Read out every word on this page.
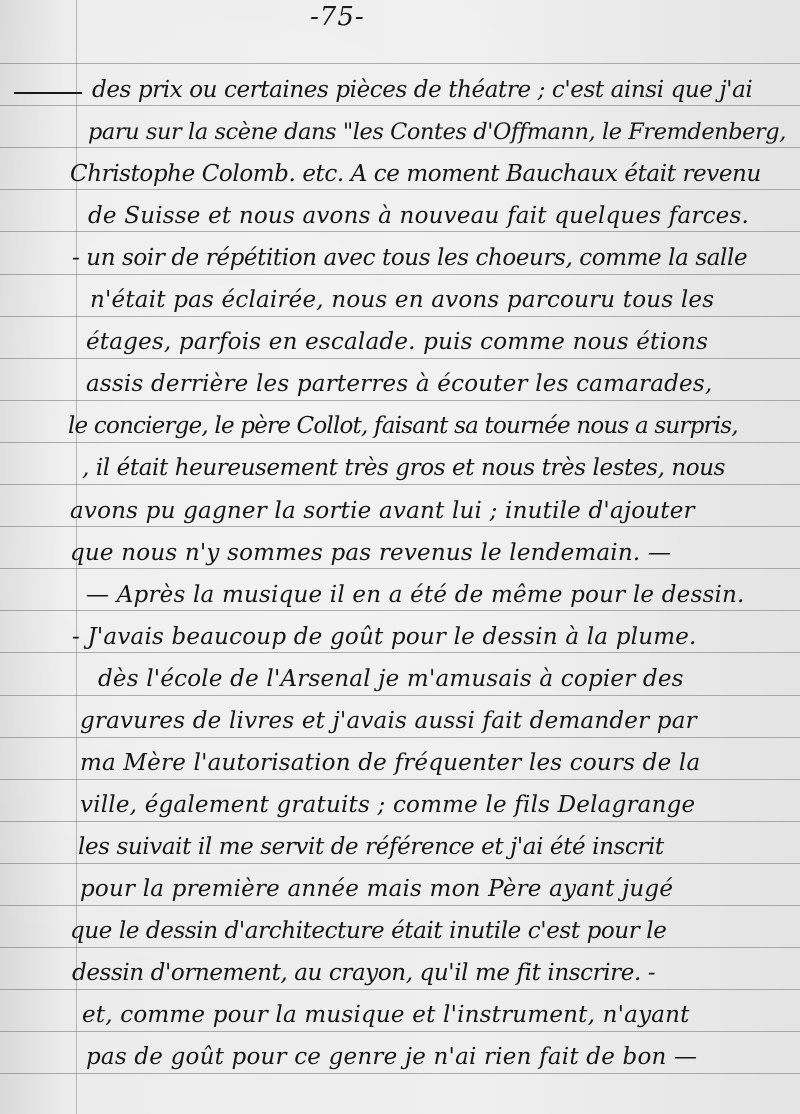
-75-
des prix ou certaines pièces de théatre ; c'est ainsi que j'ai
paru sur la scène dans "les Contes d'Offmann, le Fremdenberg,
Christophe Colomb. etc. A ce moment Bauchaux était revenu
de Suisse et nous avons à nouveau fait quelques farces.
- un soir de répétition avec tous les choeurs, comme la salle
n'était pas éclairée, nous en avons parcouru tous les
étages, parfois en escalade. puis comme nous étions
assis derrière les parterres à écouter les camarades,
le concierge, le père Collot, faisant sa tournée nous a surpris,
, il était heureusement très gros et nous très lestes, nous
avons pu gagner la sortie avant lui ; inutile d'ajouter
que nous n'y sommes pas revenus le lendemain. —
— Après la musique il en a été de même pour le dessin.
- J'avais beaucoup de goût pour le dessin à la plume.
dès l'école de l'Arsenal je m'amusais à copier des
gravures de livres et j'avais aussi fait demander par
ma Mère l'autorisation de fréquenter les cours de la
ville, également gratuits ; comme le fils Delagrange
les suivait il me servit de référence et j'ai été inscrit
pour la première année mais mon Père ayant jugé
que le dessin d'architecture était inutile c'est pour le
dessin d'ornement, au crayon, qu'il me fit inscrire. -
et, comme pour la musique et l'instrument, n'ayant
pas de goût pour ce genre je n'ai rien fait de bon —
